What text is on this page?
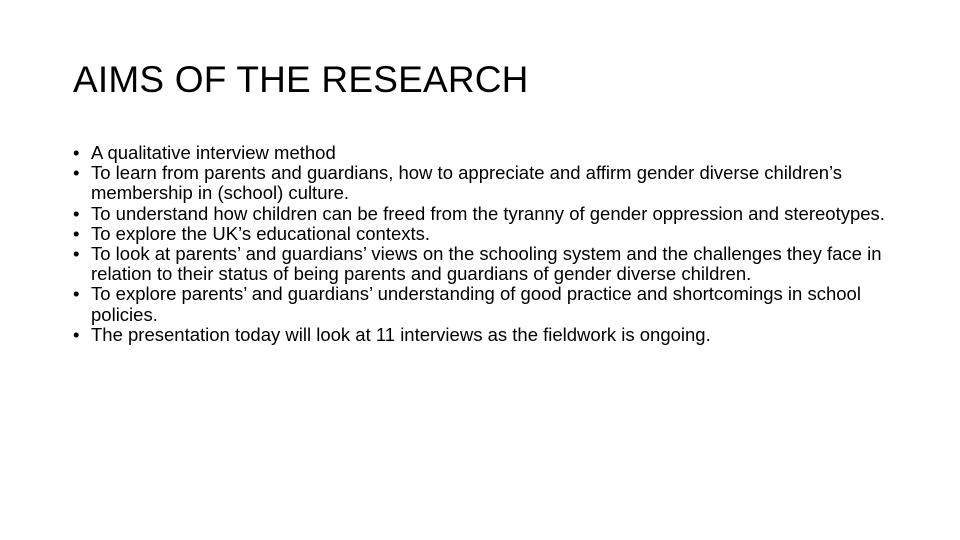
AIMS OF THE RESEARCH
• A qualitative interview method
• To learn from parents and guardians, how to appreciate and affirm gender diverse children’s membership in (school) culture.
• To understand how children can be freed from the tyranny of gender oppression and stereotypes.
• To explore the UK’s educational contexts.
• To look at parents’ and guardians’ views on the schooling system and the challenges they face in relation to their status of being parents and guardians of gender diverse children.
• To explore parents’ and guardians’ understanding of good practice and shortcomings in school policies.
• The presentation today will look at 11 interviews as the fieldwork is ongoing.
